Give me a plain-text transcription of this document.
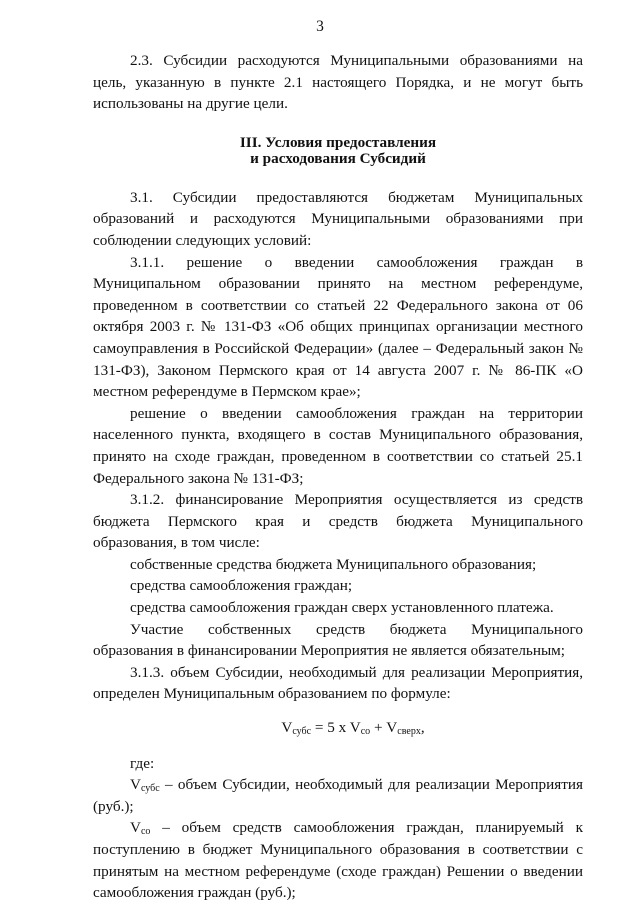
3

2.3. Субсидии расходуются Муниципальными образованиями на цель, указанную в пункте 2.1 настоящего Порядка, и не могут быть использованы на другие цели.

III. Условия предоставления
и расходования Субсидий

3.1. Субсидии предоставляются бюджетам Муниципальных образований и расходуются Муниципальными образованиями при соблюдении следующих условий:

3.1.1. решение о введении самообложения граждан в Муниципальном образовании принято на местном референдуме, проведенном в соответствии со статьей 22 Федерального закона от 06 октября 2003 г. № 131-ФЗ «Об общих принципах организации местного самоуправления в Российской Федерации» (далее – Федеральный закон № 131-ФЗ), Законом Пермского края от 14 августа 2007 г. № 86-ПК «О местном референдуме в Пермском крае»;

решение о введении самообложения граждан на территории населенного пункта, входящего в состав Муниципального образования, принято на сходе граждан, проведенном в соответствии со статьей 25.1 Федерального закона № 131-ФЗ;

3.1.2. финансирование Мероприятия осуществляется из средств бюджета Пермского края и средств бюджета Муниципального образования, в том числе:

собственные средства бюджета Муниципального образования;

средства самообложения граждан;

средства самообложения граждан сверх установленного платежа.

Участие собственных средств бюджета Муниципального образования в финансировании Мероприятия не является обязательным;

3.1.3. объем Субсидии, необходимый для реализации Мероприятия, определен Муниципальным образованием по формуле:

$V_{субс} = 5$ x $V_{со} + V_{сверх}$,

где:

$V_{субс}$ – объем Субсидии, необходимый для реализации Мероприятия (руб.);

$V_{со}$ – объем средств самообложения граждан, планируемый к поступлению в бюджет Муниципального образования в соответствии с принятым на местном референдуме (сходе граждан) Решении о введении самообложения граждан (руб.);
